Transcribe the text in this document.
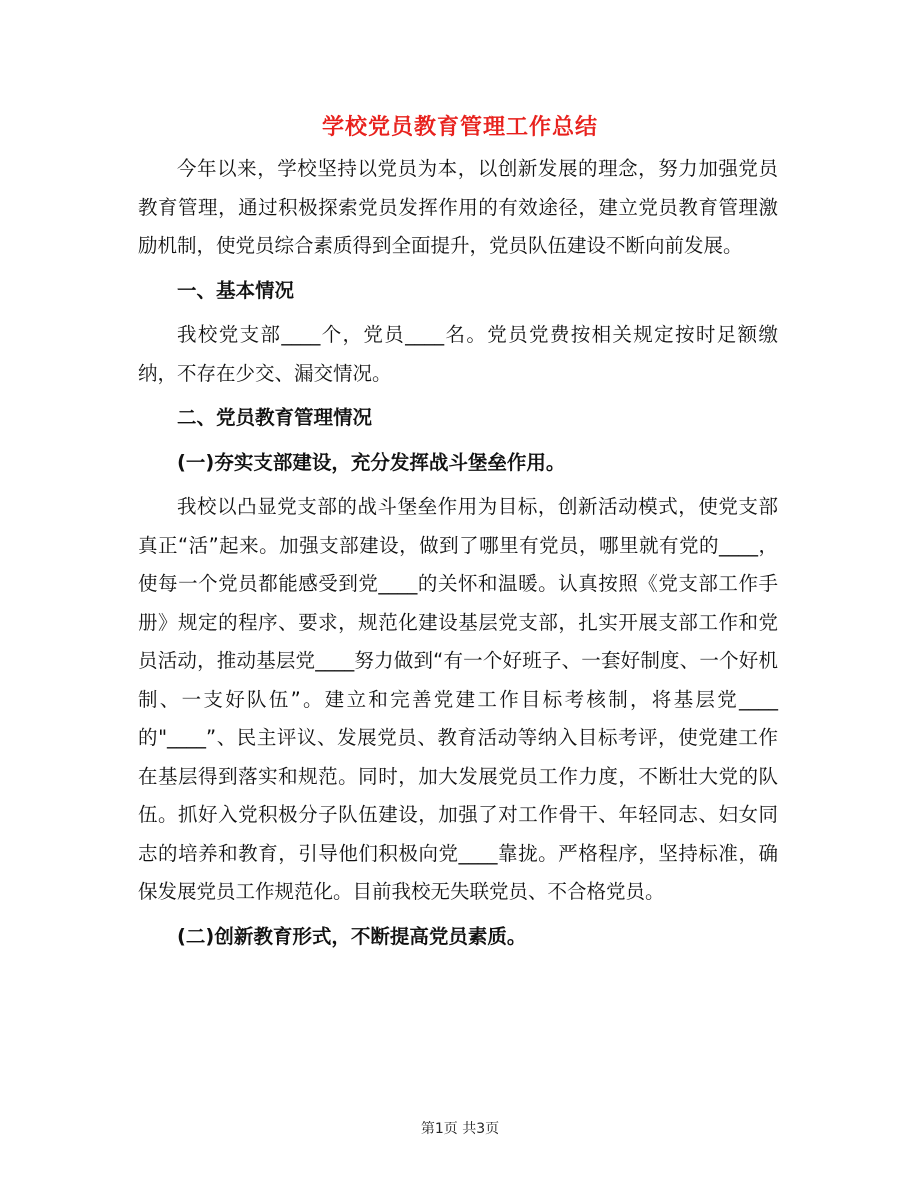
学校党员教育管理工作总结

今年以来，学校坚持以党员为本，以创新发展的理念，努力加强党员教育管理，通过积极探索党员发挥作用的有效途径，建立党员教育管理激励机制，使党员综合素质得到全面提升，党员队伍建设不断向前发展。

一、基本情况

我校党支部____个，党员____名。党员党费按相关规定按时足额缴纳，不存在少交、漏交情况。

二、党员教育管理情况

(一)夯实支部建设，充分发挥战斗堡垒作用。

我校以凸显党支部的战斗堡垒作用为目标，创新活动模式，使党支部真正“活”起来。加强支部建设，做到了哪里有党员，哪里就有党的____，使每一个党员都能感受到党____的关怀和温暖。认真按照《党支部工作手册》规定的程序、要求，规范化建设基层党支部，扎实开展支部工作和党员活动，推动基层党____努力做到“有一个好班子、一套好制度、一个好机制、一支好队伍”。建立和完善党建工作目标考核制，将基层党____的"____”、民主评议、发展党员、教育活动等纳入目标考评，使党建工作在基层得到落实和规范。同时，加大发展党员工作力度，不断壮大党的队伍。抓好入党积极分子队伍建设，加强了对工作骨干、年轻同志、妇女同志的培养和教育，引导他们积极向党____靠拢。严格程序，坚持标准，确保发展党员工作规范化。目前我校无失联党员、不合格党员。

(二)创新教育形式，不断提高党员素质。

第1页 共3页
